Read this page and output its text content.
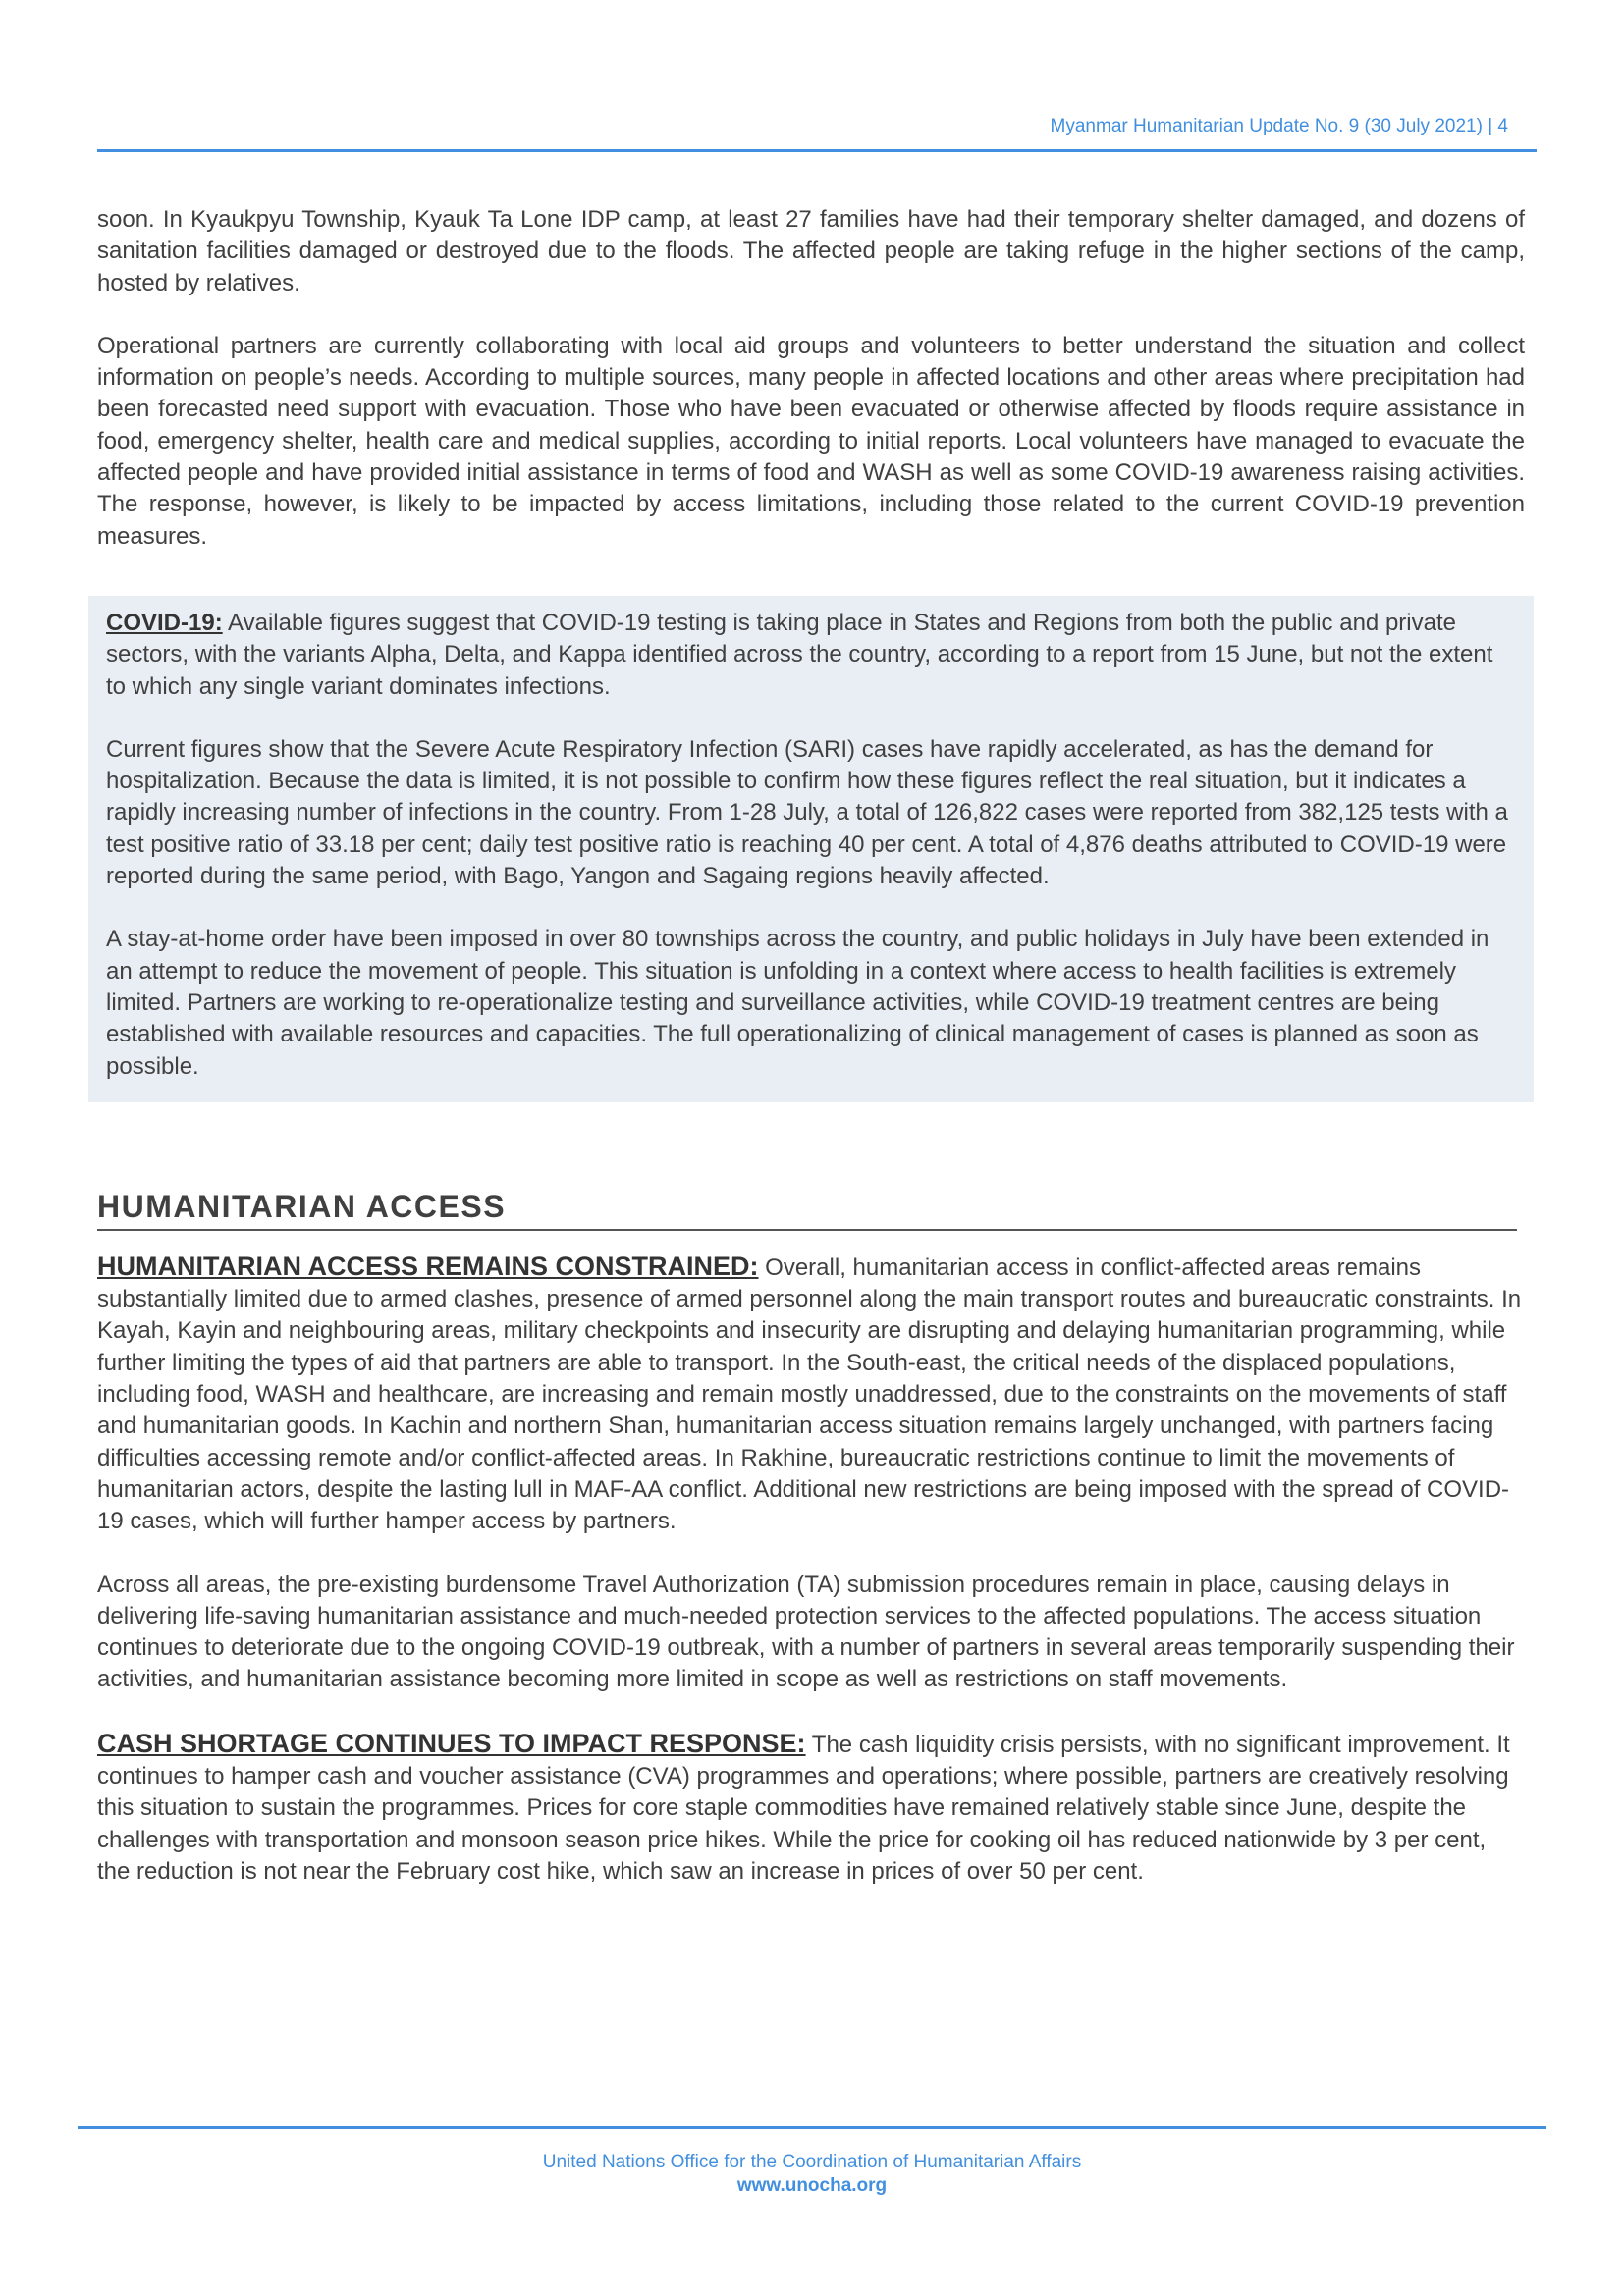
Myanmar Humanitarian Update No. 9 (30 July 2021) | 4

soon. In Kyaukpyu Township, Kyauk Ta Lone IDP camp, at least 27 families have had their temporary shelter damaged, and dozens of sanitation facilities damaged or destroyed due to the floods. The affected people are taking refuge in the higher sections of the camp, hosted by relatives.

Operational partners are currently collaborating with local aid groups and volunteers to better understand the situation and collect information on people’s needs. According to multiple sources, many people in affected locations and other areas where precipitation had been forecasted need support with evacuation. Those who have been evacuated or otherwise affected by floods require assistance in food, emergency shelter, health care and medical supplies, according to initial reports. Local volunteers have managed to evacuate the affected people and have provided initial assistance in terms of food and WASH as well as some COVID-19 awareness raising activities. The response, however, is likely to be impacted by access limitations, including those related to the current COVID-19 prevention measures.

COVID-19: Available figures suggest that COVID-19 testing is taking place in States and Regions from both the public and private sectors, with the variants Alpha, Delta, and Kappa identified across the country, according to a report from 15 June, but not the extent to which any single variant dominates infections.

Current figures show that the Severe Acute Respiratory Infection (SARI) cases have rapidly accelerated, as has the demand for hospitalization. Because the data is limited, it is not possible to confirm how these figures reflect the real situation, but it indicates a rapidly increasing number of infections in the country. From 1-28 July, a total of 126,822 cases were reported from 382,125 tests with a test positive ratio of 33.18 per cent; daily test positive ratio is reaching 40 per cent. A total of 4,876 deaths attributed to COVID-19 were reported during the same period, with Bago, Yangon and Sagaing regions heavily affected.

A stay-at-home order have been imposed in over 80 townships across the country, and public holidays in July have been extended in an attempt to reduce the movement of people. This situation is unfolding in a context where access to health facilities is extremely limited. Partners are working to re-operationalize testing and surveillance activities, while COVID-19 treatment centres are being established with available resources and capacities. The full operationalizing of clinical management of cases is planned as soon as possible.

HUMANITARIAN ACCESS

HUMANITARIAN ACCESS REMAINS CONSTRAINED: Overall, humanitarian access in conflict-affected areas remains substantially limited due to armed clashes, presence of armed personnel along the main transport routes and bureaucratic constraints. In Kayah, Kayin and neighbouring areas, military checkpoints and insecurity are disrupting and delaying humanitarian programming, while further limiting the types of aid that partners are able to transport. In the South-east, the critical needs of the displaced populations, including food, WASH and healthcare, are increasing and remain mostly unaddressed, due to the constraints on the movements of staff and humanitarian goods. In Kachin and northern Shan, humanitarian access situation remains largely unchanged, with partners facing difficulties accessing remote and/or conflict-affected areas. In Rakhine, bureaucratic restrictions continue to limit the movements of humanitarian actors, despite the lasting lull in MAF-AA conflict. Additional new restrictions are being imposed with the spread of COVID-19 cases, which will further hamper access by partners.

Across all areas, the pre-existing burdensome Travel Authorization (TA) submission procedures remain in place, causing delays in delivering life-saving humanitarian assistance and much-needed protection services to the affected populations. The access situation continues to deteriorate due to the ongoing COVID-19 outbreak, with a number of partners in several areas temporarily suspending their activities, and humanitarian assistance becoming more limited in scope as well as restrictions on staff movements.

CASH SHORTAGE CONTINUES TO IMPACT RESPONSE: The cash liquidity crisis persists, with no significant improvement. It continues to hamper cash and voucher assistance (CVA) programmes and operations; where possible, partners are creatively resolving this situation to sustain the programmes. Prices for core staple commodities have remained relatively stable since June, despite the challenges with transportation and monsoon season price hikes. While the price for cooking oil has reduced nationwide by 3 per cent, the reduction is not near the February cost hike, which saw an increase in prices of over 50 per cent.

United Nations Office for the Coordination of Humanitarian Affairs
www.unocha.org
